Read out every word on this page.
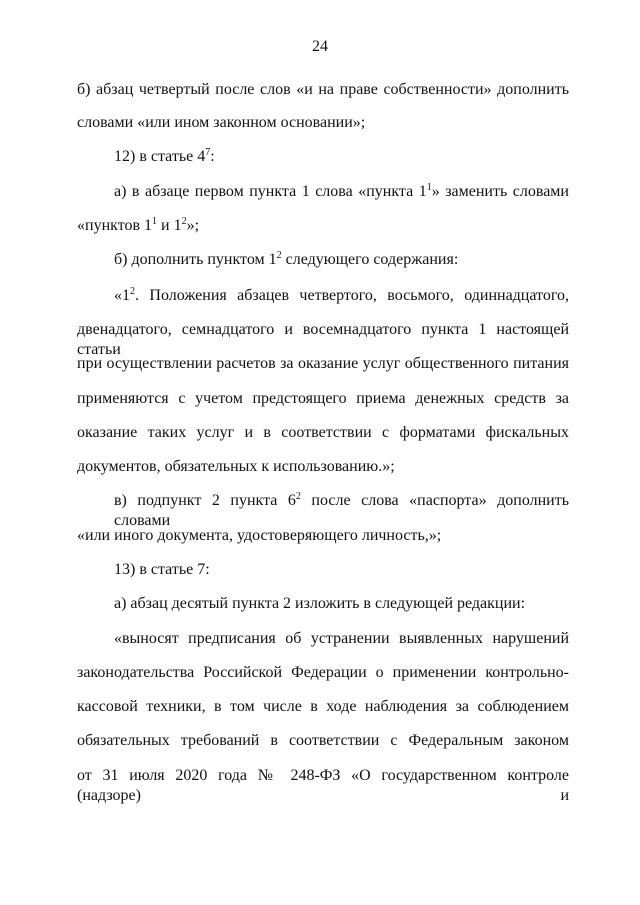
24
б) абзац четвертый после слов «и на праве собственности» дополнить
словами «или ином законном основании»;
12) в статье $4^7$:
а) в абзаце первом пункта 1 слова «пункта $1^1$» заменить словами
«пунктов $1^1$ и $1^2$»;
б) дополнить пунктом $1^2$ следующего содержания:
«$1^2$. Положения абзацев четвертого, восьмого, одиннадцатого,
двенадцатого, семнадцатого и восемнадцатого пункта 1 настоящей статьи
при осуществлении расчетов за оказание услуг общественного питания
применяются с учетом предстоящего приема денежных средств за
оказание таких услуг и в соответствии с форматами фискальных
документов, обязательных к использованию.»;
в) подпункт 2 пункта $6^2$ после слова «паспорта» дополнить словами
«или иного документа, удостоверяющего личность,»;
13) в статье 7:
а) абзац десятый пункта 2 изложить в следующей редакции:
«выносят предписания об устранении выявленных нарушений
законодательства Российской Федерации о применении контрольно-
кассовой техники, в том числе в ходе наблюдения за соблюдением
обязательных требований в соответствии с Федеральным законом
от 31 июля 2020 года № 248-ФЗ «О государственном контроле (надзоре) и
